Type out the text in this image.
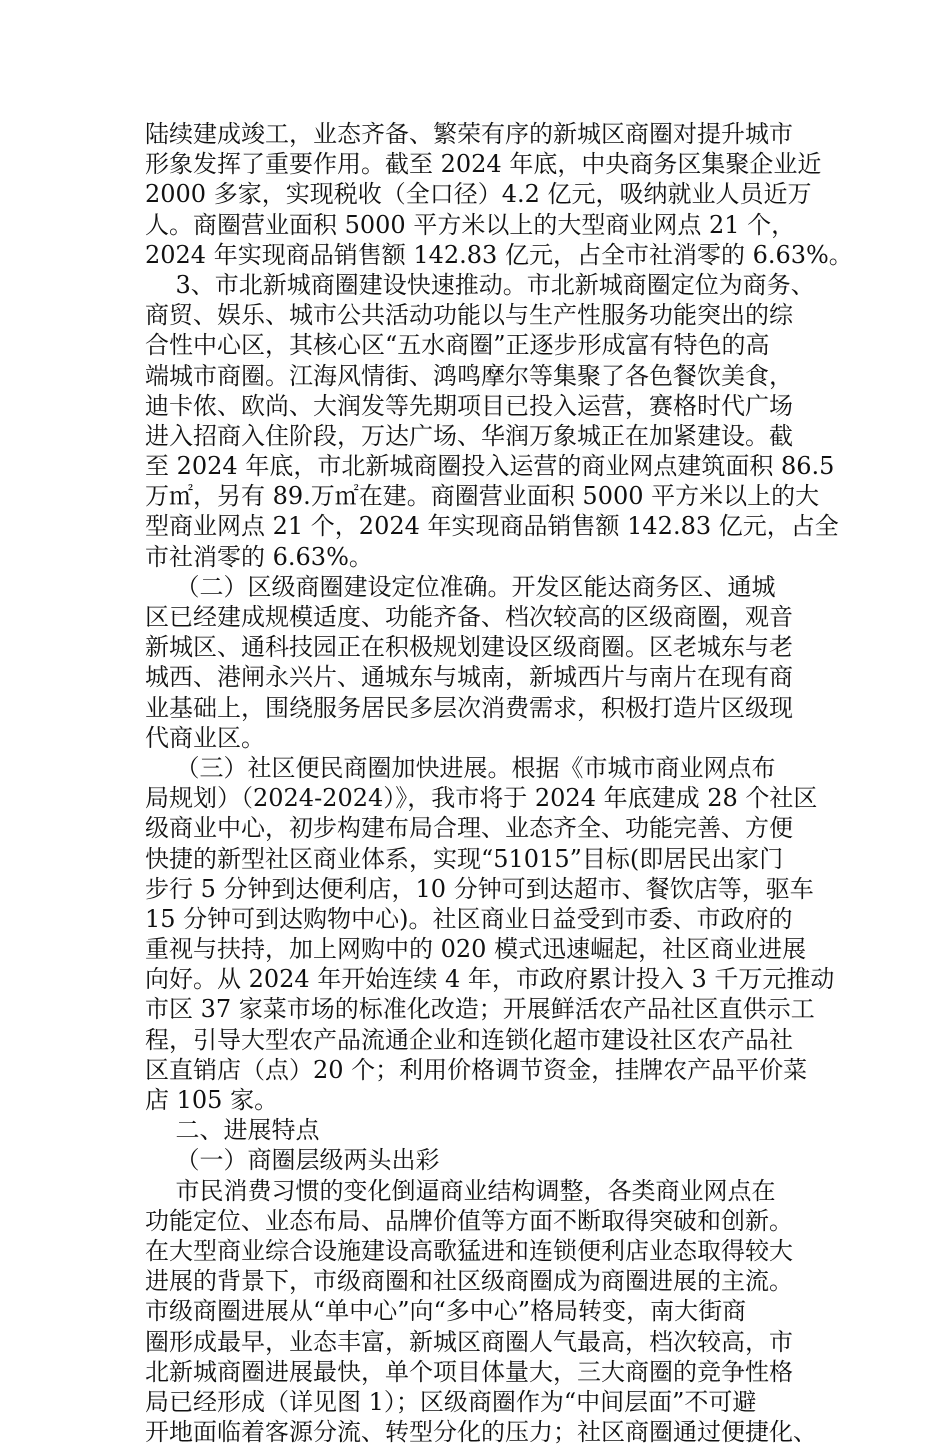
陆续建成竣工，业态齐备、繁荣有序的新城区商圈对提升城市
形象发挥了重要作用。截至 2024 年底，中央商务区集聚企业近
2000 多家，实现税收（全口径）4.2 亿元，吸纳就业人员近万
人。商圈营业面积 5000 平方米以上的大型商业网点 21 个，
2024 年实现商品销售额 142.83 亿元，占全市社消零的 6.63%。
3、市北新城商圈建设快速推动。市北新城商圈定位为商务、
商贸、娱乐、城市公共活动功能以与生产性服务功能突出的综
合性中心区，其核心区“五水商圈”正逐步形成富有特色的高
端城市商圈。江海风情街、鸿鸣摩尔等集聚了各色餐饮美食，
迪卡侬、欧尚、大润发等先期项目已投入运营，赛格时代广场
进入招商入住阶段，万达广场、华润万象城正在加紧建设。截
至 2024 年底，市北新城商圈投入运营的商业网点建筑面积 86.5
万㎡，另有 89.万㎡在建。商圈营业面积 5000 平方米以上的大
型商业网点 21 个，2024 年实现商品销售额 142.83 亿元，占全
市社消零的 6.63%。
（二）区级商圈建设定位准确。开发区能达商务区、通城
区已经建成规模适度、功能齐备、档次较高的区级商圈，观音
新城区、通科技园正在积极规划建设区级商圈。区老城东与老
城西、港闸永兴片、通城东与城南，新城西片与南片在现有商
业基础上，围绕服务居民多层次消费需求，积极打造片区级现
代商业区。
（三）社区便民商圈加快进展。根据《市城市商业网点布
局规划）（2024-2024）》，我市将于 2024 年底建成 28 个社区
级商业中心，初步构建布局合理、业态齐全、功能完善、方便
快捷的新型社区商业体系，实现“51015”目标(即居民出家门
步行 5 分钟到达便利店，10 分钟可到达超市、餐饮店等，驱车
15 分钟可到达购物中心)。社区商业日益受到市委、市政府的
重视与扶持，加上网购中的 020 模式迅速崛起，社区商业进展
向好。从 2024 年开始连续 4 年，市政府累计投入 3 千万元推动
市区 37 家菜市场的标准化改造；开展鲜活农产品社区直供示工
程，引导大型农产品流通企业和连锁化超市建设社区农产品社
区直销店（点）20 个；利用价格调节资金，挂牌农产品平价菜
店 105 家。
二、进展特点
（一）商圈层级两头出彩
市民消费习惯的变化倒逼商业结构调整，各类商业网点在
功能定位、业态布局、品牌价值等方面不断取得突破和创新。
在大型商业综合设施建设高歌猛进和连锁便利店业态取得较大
进展的背景下，市级商圈和社区级商圈成为商圈进展的主流。
市级商圈进展从“单中心”向“多中心”格局转变，南大街商
圈形成最早，业态丰富，新城区商圈人气最高，档次较高，市
北新城商圈进展最快，单个项目体量大，三大商圈的竞争性格
局已经形成（详见图 1）；区级商圈作为“中间层面”不可避
开地面临着客源分流、转型分化的压力；社区商圈通过便捷化、
